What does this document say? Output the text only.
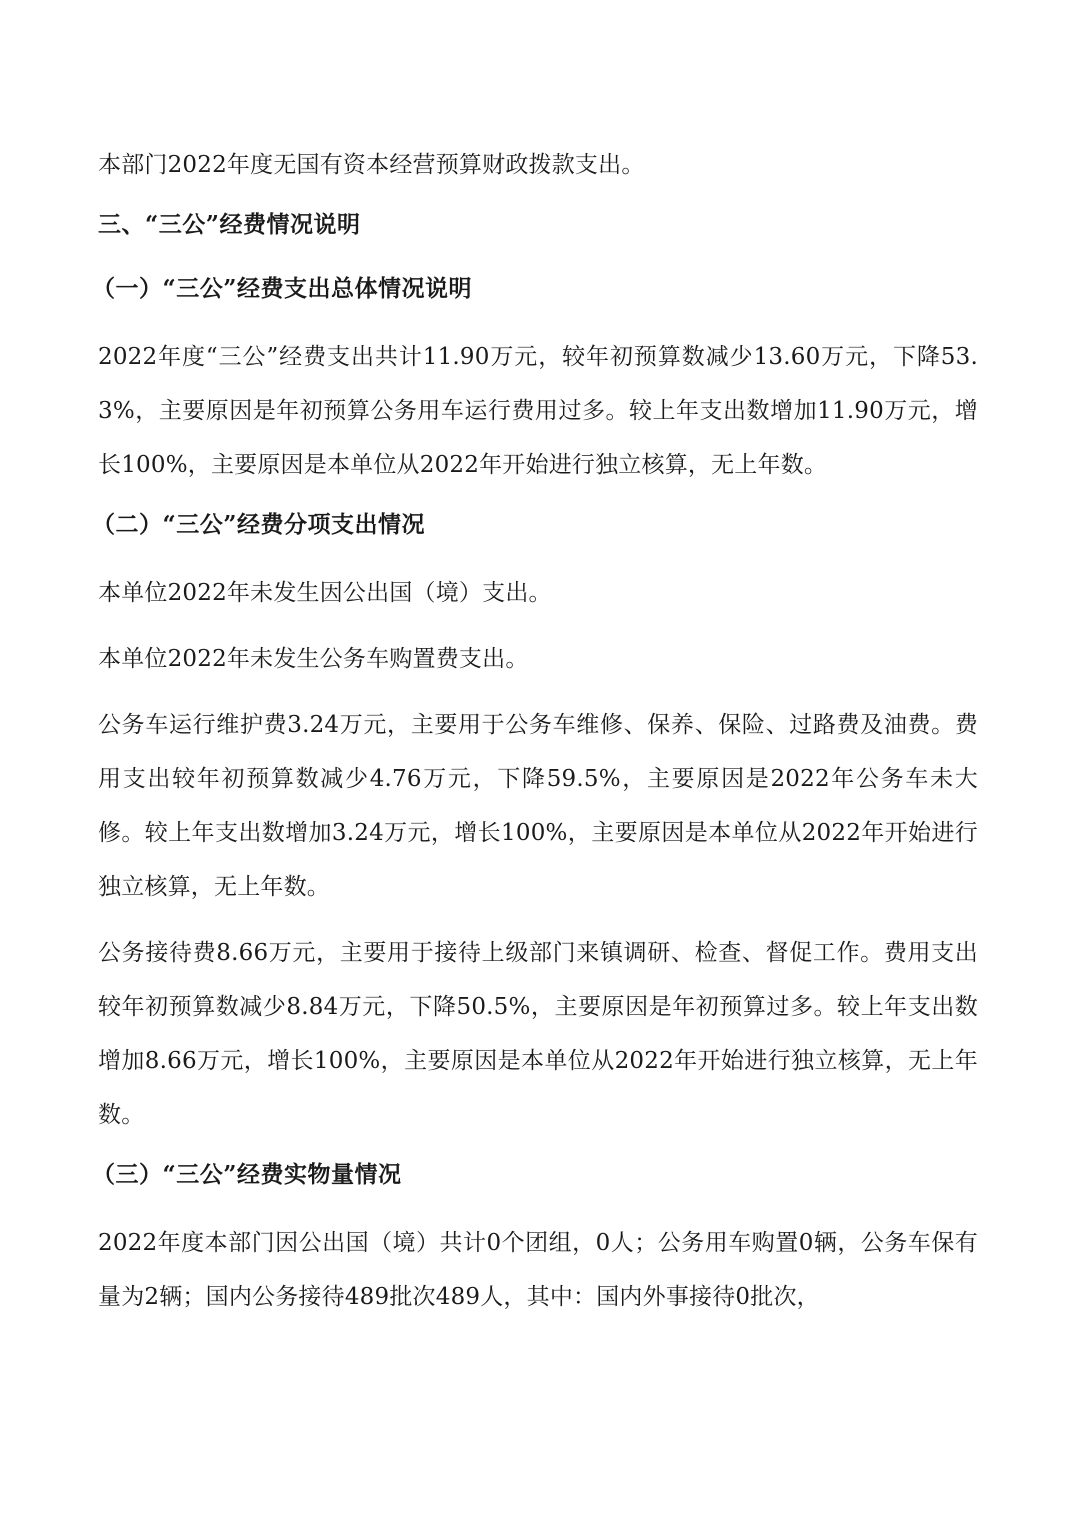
本部门2022年度无国有资本经营预算财政拨款支出。

三、“三公”经费情况说明
（一）“三公”经费支出总体情况说明

2022年度“三公”经费支出共计11.90万元，较年初预算数减少13.60万元，下降53.3%，主要原因是年初预算公务用车运行费用过多。较上年支出数增加11.90万元，增长100%，主要原因是本单位从2022年开始进行独立核算，无上年数。

（二）“三公”经费分项支出情况

本单位2022年未发生因公出国（境）支出。

本单位2022年未发生公务车购置费支出。

公务车运行维护费3.24万元，主要用于公务车维修、保养、保险、过路费及油费。费用支出较年初预算数减少4.76万元，下降59.5%，主要原因是2022年公务车未大修。较上年支出数增加3.24万元，增长100%，主要原因是本单位从2022年开始进行独立核算，无上年数。

公务接待费8.66万元，主要用于接待上级部门来镇调研、检查、督促工作。费用支出较年初预算数减少8.84万元，下降50.5%，主要原因是年初预算过多。较上年支出数增加8.66万元，增长100%，主要原因是本单位从2022年开始进行独立核算，无上年数。

（三）“三公”经费实物量情况

2022年度本部门因公出国（境）共计0个团组，0人；公务用车购置0辆，公务车保有量为2辆；国内公务接待489批次489人，其中：国内外事接待0批次，
